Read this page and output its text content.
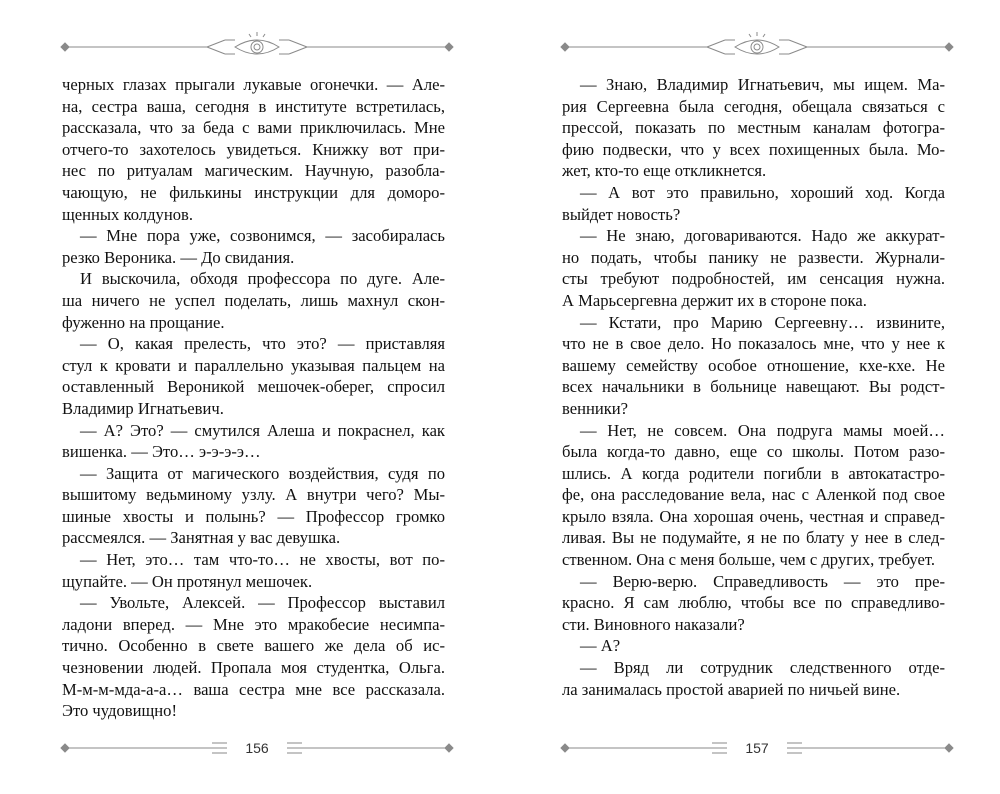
черных глазах прыгали лукавые огонечки. — Але-
на, сестра ваша, сегодня в институте встретилась,
рассказала, что за беда с вами приключилась. Мне
отчего-то захотелось увидеться. Книжку вот при-
нес по ритуалам магическим. Научную, разобла-
чающую, не филькины инструкции для доморо-
щенных колдунов.
— Мне пора уже, созвонимся, — засобиралась
резко Вероника. — До свидания.
И выскочила, обходя профессора по дуге. Але-
ша ничего не успел поделать, лишь махнул скон-
фуженно на прощание.
— О, какая прелесть, что это? — приставляя
стул к кровати и параллельно указывая пальцем на
оставленный Вероникой мешочек-оберег, спросил
Владимир Игнатьевич.
— А? Это? — смутился Алеша и покраснел, как
вишенка. — Это… э-э-э-э…
— Защита от магического воздействия, судя по
вышитому ведьминому узлу. А внутри чего? Мы-
шиные хвосты и полынь? — Профессор громко
рассмеялся. — Занятная у вас девушка.
— Нет, это… там что-то… не хвосты, вот по-
щупайте. — Он протянул мешочек.
— Увольте, Алексей. — Профессор выставил
ладони вперед. — Мне это мракобесие несимпа-
тично. Особенно в свете вашего же дела об ис-
чезновении людей. Пропала моя студентка, Ольга.
М-м-м-мда-а-а… ваша сестра мне все рассказала.
Это чудовищно!
156
— Знаю, Владимир Игнатьевич, мы ищем. Ма-
рия Сергеевна была сегодня, обещала связаться с
прессой, показать по местным каналам фотогра-
фию подвески, что у всех похищенных была. Мо-
жет, кто-то еще откликнется.
— А вот это правильно, хороший ход. Когда
выйдет новость?
— Не знаю, договариваются. Надо же аккурат-
но подать, чтобы панику не развести. Журнали-
сты требуют подробностей, им сенсация нужна.
А Марьсергевна держит их в стороне пока.
— Кстати, про Марию Сергеевну… извините,
что не в свое дело. Но показалось мне, что у нее к
вашему семейству особое отношение, кхе-кхе. Не
всех начальники в больнице навещают. Вы родст-
венники?
— Нет, не совсем. Она подруга мамы моей…
была когда-то давно, еще со школы. Потом разо-
шлись. А когда родители погибли в автокатастро-
фе, она расследование вела, нас с Аленкой под свое
крыло взяла. Она хорошая очень, честная и справед-
ливая. Вы не подумайте, я не по блату у нее в след-
ственном. Она с меня больше, чем с других, требует.
— Верю-верю. Справедливость — это пре-
красно. Я сам люблю, чтобы все по справедливо-
сти. Виновного наказали?
— А?
— Вряд ли сотрудник следственного отде-
ла занималась простой аварией по ничьей вине.
157
